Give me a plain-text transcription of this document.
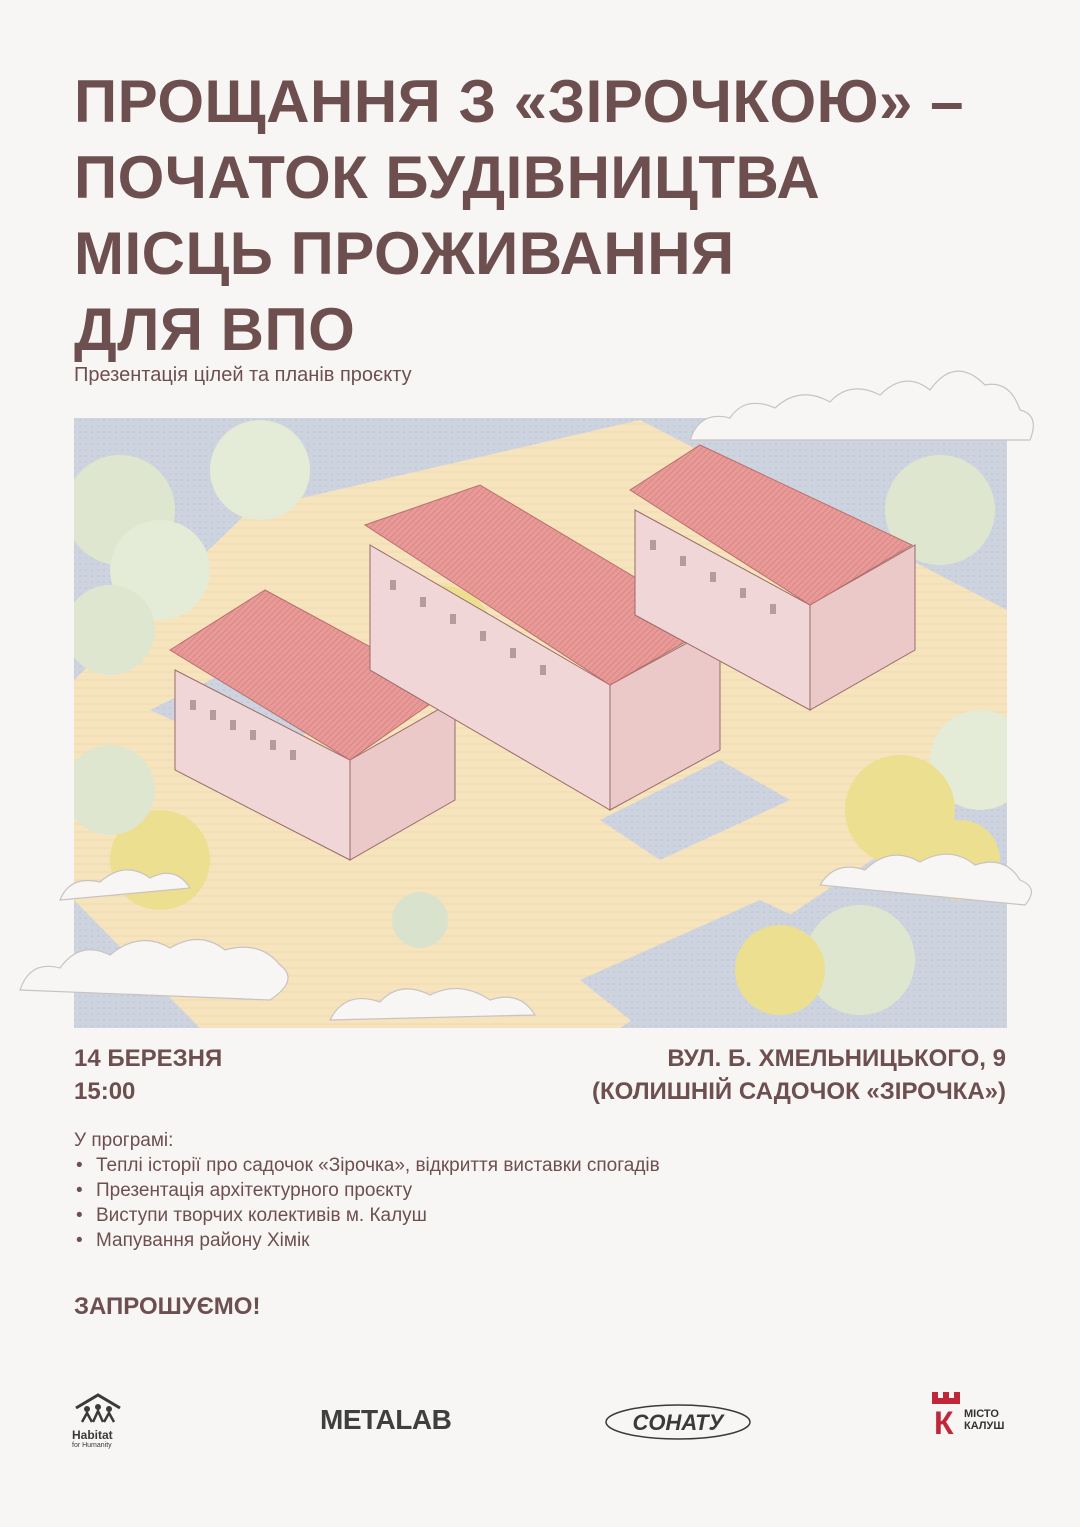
ПРОЩАННЯ З «ЗІРОЧКОЮ» –
ПОЧАТОК БУДІВНИЦТВА
МІСЦЬ ПРОЖИВАННЯ
ДЛЯ ВПО
Презентація цілей та планів проєкту
14 БЕРЕЗНЯ
15:00
ВУЛ. Б. ХМЕЛЬНИЦЬКОГО, 9
(КОЛИШНІЙ САДОЧОК «ЗІРОЧКА»)
У програмі:
• Теплі історії про садочок «Зірочка», відкриття виставки спогадів
• Презентація архітектурного проєкту
• Виступи творчих колективів м. Калуш
• Мапування району Хімік
ЗАПРОШУЄМО!
Habitat
for Humanity
METALAB	СОНАТУ	К МІСТО
КАЛУШ
